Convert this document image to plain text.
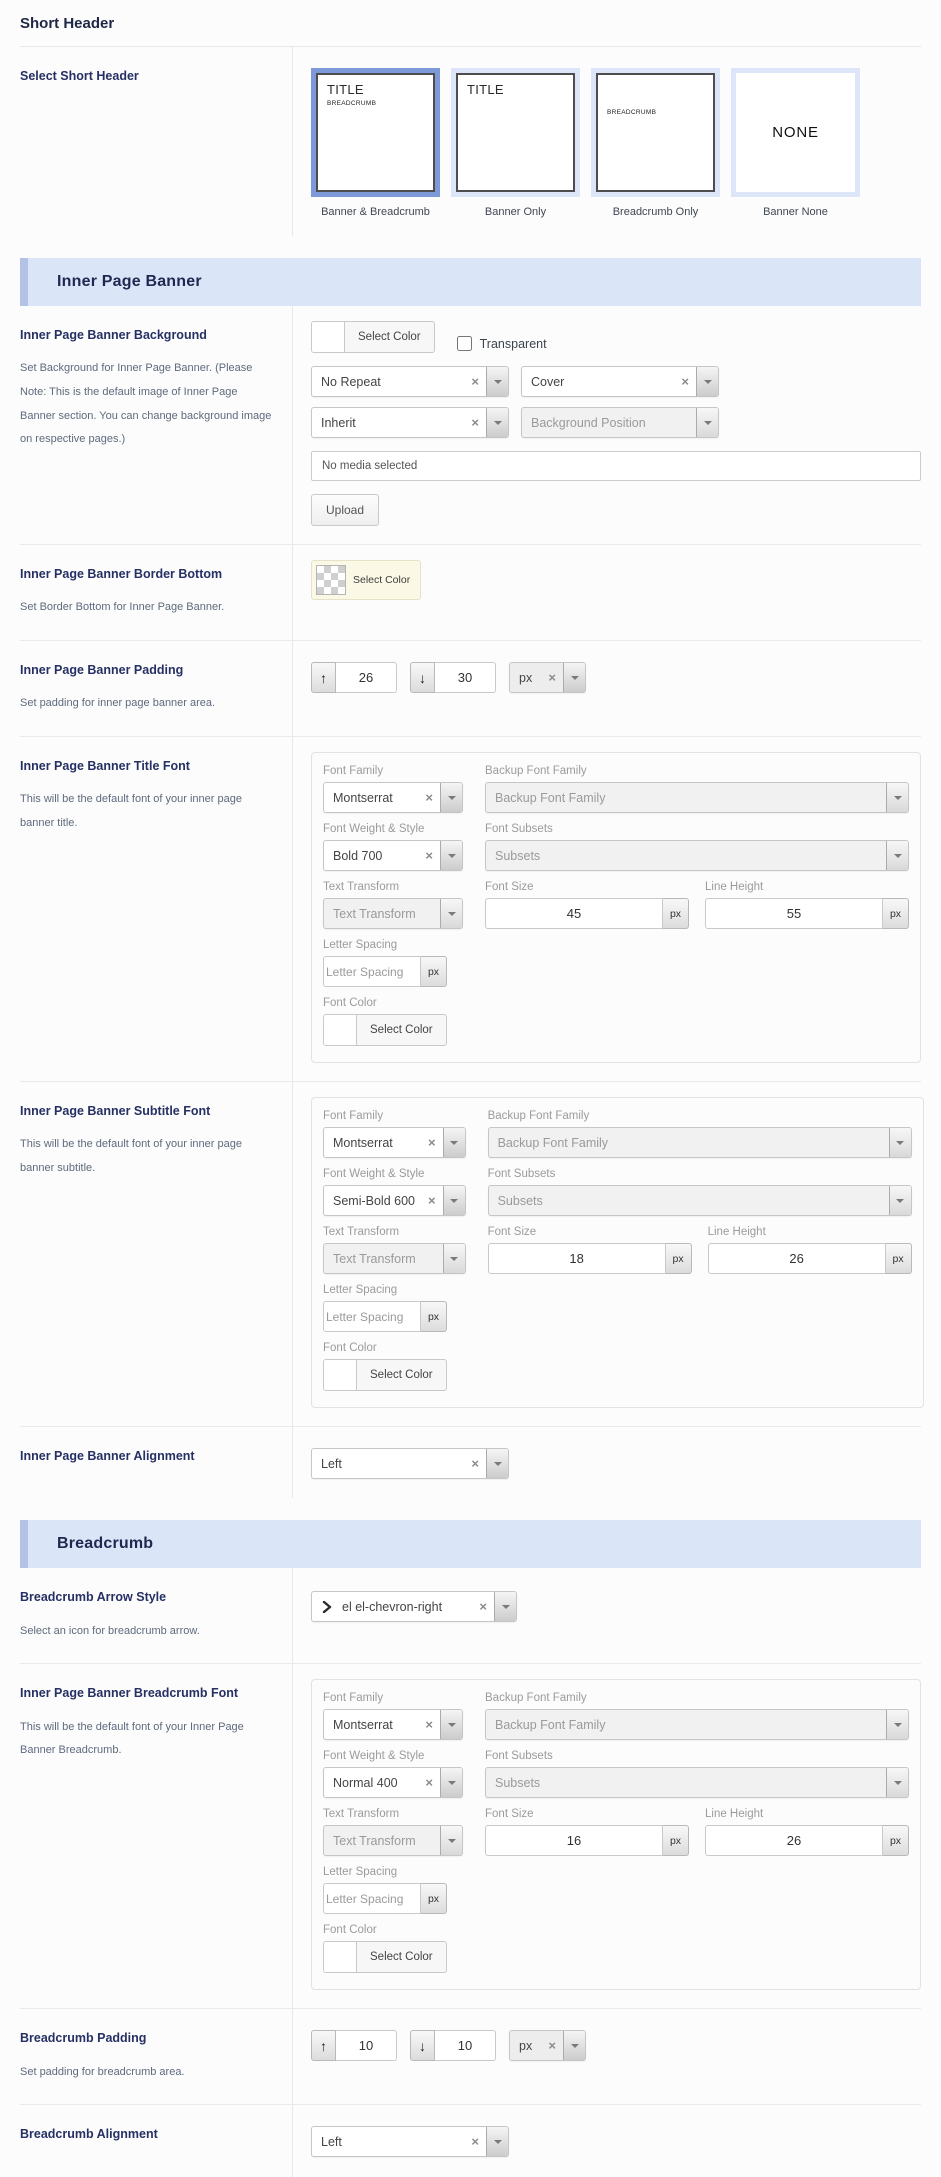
Short Header
Select Short Header
TITLE
BREADCRUMB
Banner & Breadcrumb
TITLE
Banner Only
BREADCRUMB
Breadcrumb Only
NONE
Banner None
Inner Page Banner
Inner Page Banner Background
Set Background for Inner Page Banner. (Please Note: This is the default image of Inner Page Banner section. You can change background image on respective pages.)
Select Color	Transparent
No Repeat	×	Cover	×
Inherit	×	Background Position
No media selected Upload
Inner Page Banner Border Bottom
Set Border Bottom for Inner Page Banner.
Select Color
Inner Page Banner Padding
Set padding for inner page banner area.
↑
26	↓
30	px	×
Inner Page Banner Title Font
This will be the default font of your inner page banner title.
Font Family
Montserrat	×
Backup Font Family
Backup Font Family
Font Weight & Style
Bold 700	×
Font Subsets
Subsets
Text Transform
Text Transform
Font Size
45
px
Line Height
55
px
Letter Spacing
Letter Spacing
px
Font Color
Select Color
Inner Page Banner Subtitle Font
This will be the default font of your inner page banner subtitle.
Font Family
Montserrat	×
Backup Font Family
Backup Font Family
Font Weight & Style
Semi-Bold 600	×
Font Subsets
Subsets
Text Transform
Text Transform
Font Size
18
px
Line Height
26
px
Letter Spacing
Letter Spacing
px
Font Color
Select Color
Inner Page Banner Alignment
Left	×
Breadcrumb
Breadcrumb Arrow Style
Select an icon for breadcrumb arrow.
el el-chevron-right	×
Inner Page Banner Breadcrumb Font
This will be the default font of your Inner Page Banner Breadcrumb.
Font Family
Montserrat	×
Backup Font Family
Backup Font Family
Font Weight & Style
Normal 400	×
Font Subsets
Subsets
Text Transform
Text Transform
Font Size
16
px
Line Height
26
px
Letter Spacing
Letter Spacing
px
Font Color
Select Color
Breadcrumb Padding
Set padding for breadcrumb area.
↑
10	↓
10	px	×
Breadcrumb Alignment
Left	×
